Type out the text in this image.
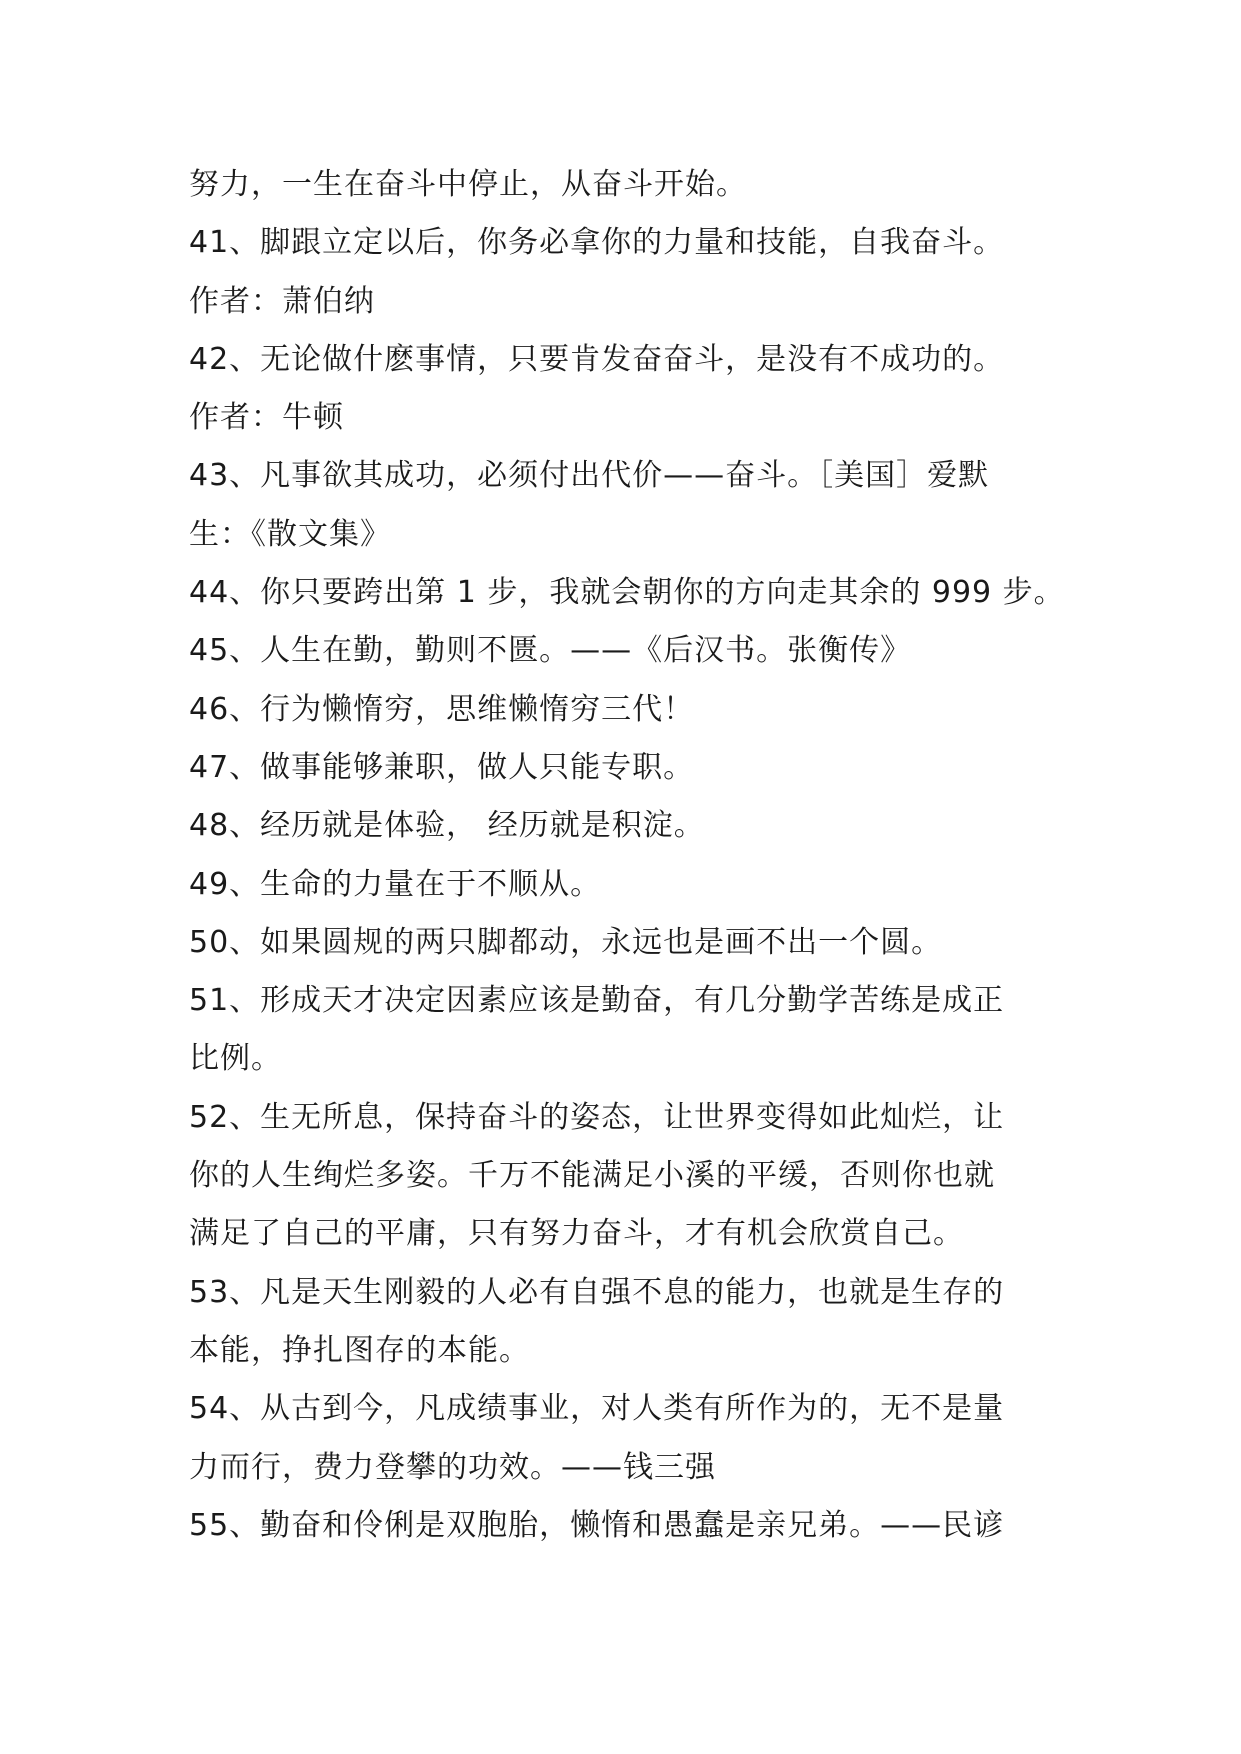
努力，一生在奋斗中停止，从奋斗开始。
41、脚跟立定以后，你务必拿你的力量和技能，自我奋斗。
作者：萧伯纳
42、无论做什麽事情，只要肯发奋奋斗，是没有不成功的。
作者：牛顿
43、凡事欲其成功，必须付出代价——奋斗。［美国］爱默
生：《散文集》
44、你只要跨出第 1 步，我就会朝你的方向走其余的 999 步。
45、人生在勤，勤则不匮。——《后汉书。张衡传》
46、行为懒惰穷，思维懒惰穷三代！
47、做事能够兼职，做人只能专职。
48、经历就是体验， 经历就是积淀。
49、生命的力量在于不顺从。
50、如果圆规的两只脚都动，永远也是画不出一个圆。
51、形成天才决定因素应该是勤奋，有几分勤学苦练是成正
比例。
52、生无所息，保持奋斗的姿态，让世界变得如此灿烂，让
你的人生绚烂多姿。千万不能满足小溪的平缓，否则你也就
满足了自己的平庸，只有努力奋斗，才有机会欣赏自己。
53、凡是天生刚毅的人必有自强不息的能力，也就是生存的
本能，挣扎图存的本能。
54、从古到今，凡成绩事业，对人类有所作为的，无不是量
力而行，费力登攀的功效。——钱三强
55、勤奋和伶俐是双胞胎，懒惰和愚蠢是亲兄弟。——民谚
